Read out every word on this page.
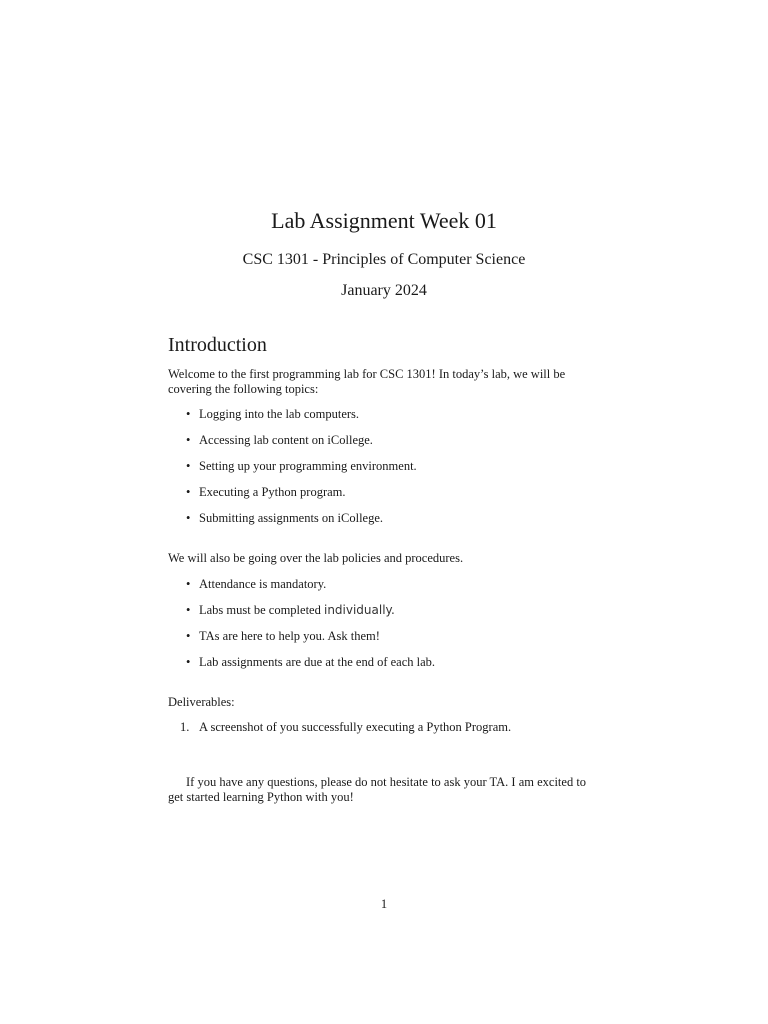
Lab Assignment Week 01
CSC 1301 - Principles of Computer Science
January 2024
Introduction
Welcome to the first programming lab for CSC 1301! In today’s lab, we will be covering the following topics:
• Logging into the lab computers.
• Accessing lab content on iCollege.
• Setting up your programming environment.
• Executing a Python program.
• Submitting assignments on iCollege.
We will also be going over the lab policies and procedures.
• Attendance is mandatory.
• Labs must be completed individually.
• TAs are here to help you. Ask them!
• Lab assignments are due at the end of each lab.
Deliverables:
1. A screenshot of you successfully executing a Python Program.
If you have any questions, please do not hesitate to ask your TA. I am excited to get started learning Python with you!
1
